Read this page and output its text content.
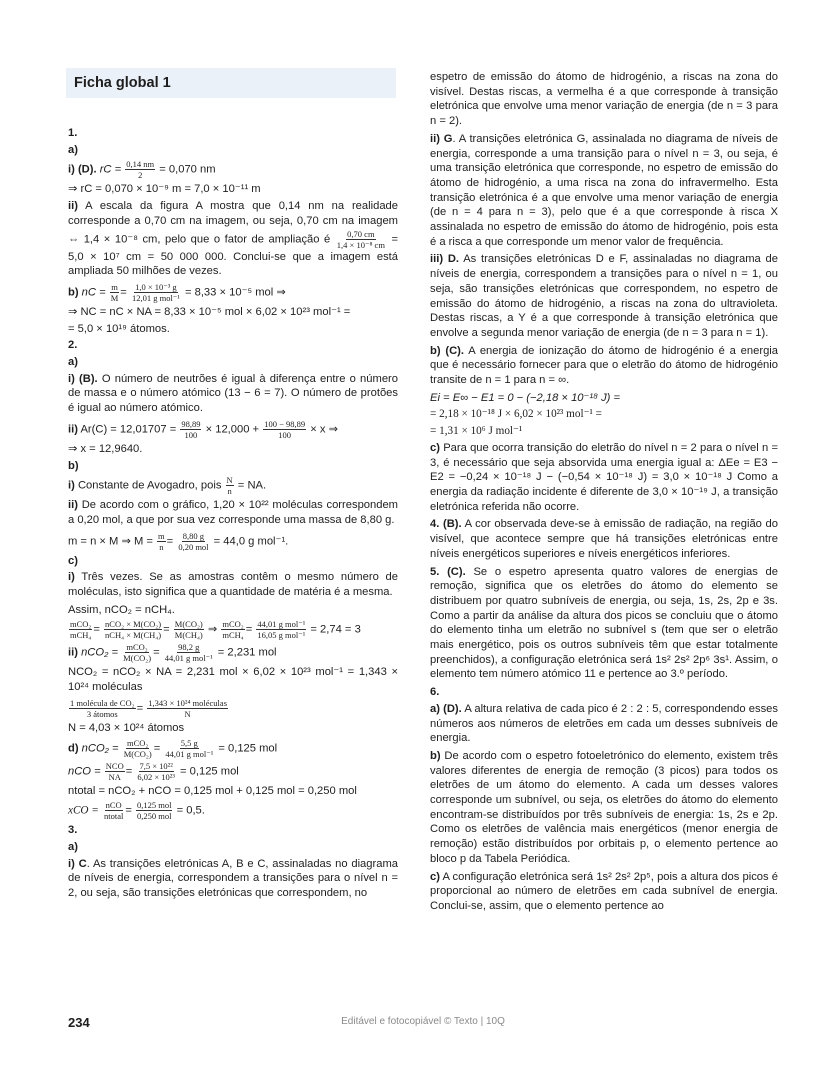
Ficha global 1
1.
a)
i) (D). rC = $\frac{0,14 nm}{2} = 0,070$ nm
⇒ rC = 0,070 × 10⁻⁹ m = 7,0 × 10⁻¹¹ m
ii) A escala da figura A mostra que 0,14 nm na realidade corresponde a 0,70 cm na imagem, ou seja, 0,70 cm na imagem ⇔ 1,4 × 10⁻⁸ cm, pelo que o fator de ampliação é $\frac{0,70 cm}{\text{1,4 × 10⁻⁸ cm}} = 5,0 \times 10^7$ cm = 50 000 000. Conclui-se que a imagem está ampliada 50 milhões de vezes.
b) nC = $\frac{m}{M} = \frac{\text{1,0 × 10⁻³ g}}{\text{12,01 g mol⁻¹}} = 8,33 \times 10^{-5}$ mol ⇒
⇒ NC = nC × NA = 8,33 × 10⁻⁵ mol × 6,02 × 10²³ mol⁻¹ =
= 5,0 × 10¹⁹ átomos.
2.
a)
i) (B). O número de neutrões é igual à diferença entre o número de massa e o número atómico (13 − 6 = 7). O número de protões é igual ao número atómico.
ii) $Ar(C) = 12,01707 = \frac{98,89}{100} \times 12,000 + \frac{100 - 98,89}{100} \times x$ ⇒
⇒ x = 12,9640.
b)
i) Constante de Avogadro, pois $\frac{N}{n}$ = NA.
ii) De acordo com o gráfico, 1,20 × 10²² moléculas correspondem a 0,20 mol, a que por sua vez corresponde uma massa de 8,80 g.
m = n × M ⇒ $M = \frac{m}{n} = \frac{8,80 g}{\text{0,20 mol}} = 44,0$ g mol⁻¹.
c)
i) Três vezes. Se as amostras contêm o mesmo número de moléculas, isto significa que a quantidade de matéria é a mesma.
Assim, nCO₂ = nCH₄.
$\frac{\text{mCO₂}}{\text{mCH₄}} = \frac{\text{nCO₂ × M(CO₂)}}{\text{nCH₄ × M(CH₄)}} = \frac{\text{M(CO₂)}}{\text{M(CH₄)}}$ ⇒ $\frac{\text{mCO₂}}{\text{mCH₄}} = \frac{\text{44,01 g mol⁻¹}}{\text{16,05 g mol⁻¹}} = 2,74 = 3$
ii) $nCO_2 = \frac{\text{mCO₂}}{\text{M(CO₂)}} = \frac{98,2 g}{\text{44,01 g mol⁻¹}} = 2,231$ mol
NCO₂ = nCO₂ × NA = 2,231 mol × 6,02 × 10²³ mol⁻¹ = 1,343 × 10²⁴ moléculas
$\frac{\text{1 molécula de CO₂}}{\text{3 átomos}} = \frac{\text{1,343 × 10²⁴ moléculas}}{N}$
N = 4,03 × 10²⁴ átomos
d) $nCO_2 = \frac{\text{mCO₂}}{\text{M(CO₂)}} = \frac{5,5 g}{\text{44,01 g mol⁻¹}} = 0,125$ mol
nCO = $\frac{\text{NCO}}{NA} = \frac{\text{7,5 × 10²²}}{\text{6,02 × 10²³}} = 0,125$ mol
ntotal = nCO₂ + nCO = 0,125 mol + 0,125 mol = 0,250 mol
xCO = $\frac{\text{nCO}}{\text{ntotal}} = \frac{\text{0,125 mol}}{\text{0,250 mol}} = 0,5$.
3.
a)
i) C. As transições eletrónicas A, B e C, assinaladas no diagrama de níveis de energia, correspondem a transições para o nível n = 2, ou seja, são transições eletrónicas que correspondem, no
espetro de emissão do átomo de hidrogénio, a riscas na zona do visível. Destas riscas, a vermelha é a que corresponde à transição eletrónica que envolve uma menor variação de energia (de n = 3 para n = 2).
ii) G. A transições eletrónica G, assinalada no diagrama de níveis de energia, corresponde a uma transição para o nível n = 3, ou seja, é uma transição eletrónica que corresponde, no espetro de emissão do átomo de hidrogénio, a uma risca na zona do infravermelho. Esta transição eletrónica é a que envolve uma menor variação de energia (de n = 4 para n = 3), pelo que é a que corresponde à risca X assinalada no espetro de emissão do átomo de hidrogénio, pois esta é a risca a que corresponde um menor valor de frequência.
iii) D. As transições eletrónicas D e F, assinaladas no diagrama de níveis de energia, correspondem a transições para o nível n = 1, ou seja, são transições eletrónicas que correspondem, no espetro de emissão do átomo de hidrogénio, a riscas na zona do ultravioleta. Destas riscas, a Y é a que corresponde à transição eletrónica que envolve a segunda menor variação de energia (de n = 3 para n = 1).
b) (C). A energia de ionização do átomo de hidrogénio é a energia que é necessário fornecer para que o eletrão do átomo de hidrogénio transite de n = 1 para n = ∞.
Ei = E∞ − E1 = 0 − (−2,18 × 10⁻¹⁸ J) =
= 2,18 × 10⁻¹⁸ J × 6,02 × 10²³ mol⁻¹ =
= 1,31 × 10⁶ J mol⁻¹
c) Para que ocorra transição do eletrão do nível n = 2 para o nível n = 3, é necessário que seja absorvida uma energia igual a: ΔEe = E3 − E2 = −0,24 × 10⁻¹⁸ J − (−0,54 × 10⁻¹⁸ J) = 3,0 × 10⁻¹⁸ J Como a energia da radiação incidente é diferente de 3,0 × 10⁻¹⁹ J, a transição eletrónica referida não ocorre.
4. (B). A cor observada deve-se à emissão de radiação, na região do visível, que acontece sempre que há transições eletrónicas entre níveis energéticos superiores e níveis energéticos inferiores.
5. (C). Se o espetro apresenta quatro valores de energias de remoção, significa que os eletrões do átomo do elemento se distribuem por quatro subníveis de energia, ou seja, 1s, 2s, 2p e 3s. Como a partir da análise da altura dos picos se concluiu que o átomo do elemento tinha um eletrão no subnível s (tem que ser o eletrão mais energético, pois os outros subníveis têm que estar totalmente preenchidos), a configuração eletrónica será 1s² 2s² 2p⁶ 3s¹. Assim, o elemento tem número atómico 11 e pertence ao 3.º período.
6.
a) (D). A altura relativa de cada pico é 2 : 2 : 5, correspondendo esses números aos números de eletrões em cada um desses subníveis de energia.
b) De acordo com o espetro fotoeletrónico do elemento, existem três valores diferentes de energia de remoção (3 picos) para todos os eletrões de um átomo do elemento. A cada um desses valores corresponde um subnível, ou seja, os eletrões do átomo do elemento encontram-se distribuídos por três subníveis de energia: 1s, 2s e 2p. Como os eletrões de valência mais energéticos (menor energia de remoção) estão distribuídos por orbitais p, o elemento pertence ao bloco p da Tabela Periódica.
c) A configuração eletrónica será 1s² 2s² 2p⁵, pois a altura dos picos é proporcional ao número de eletrões em cada subnível de energia. Conclui-se, assim, que o elemento pertence ao
234	Editável e fotocopiável © Texto | 10Q
